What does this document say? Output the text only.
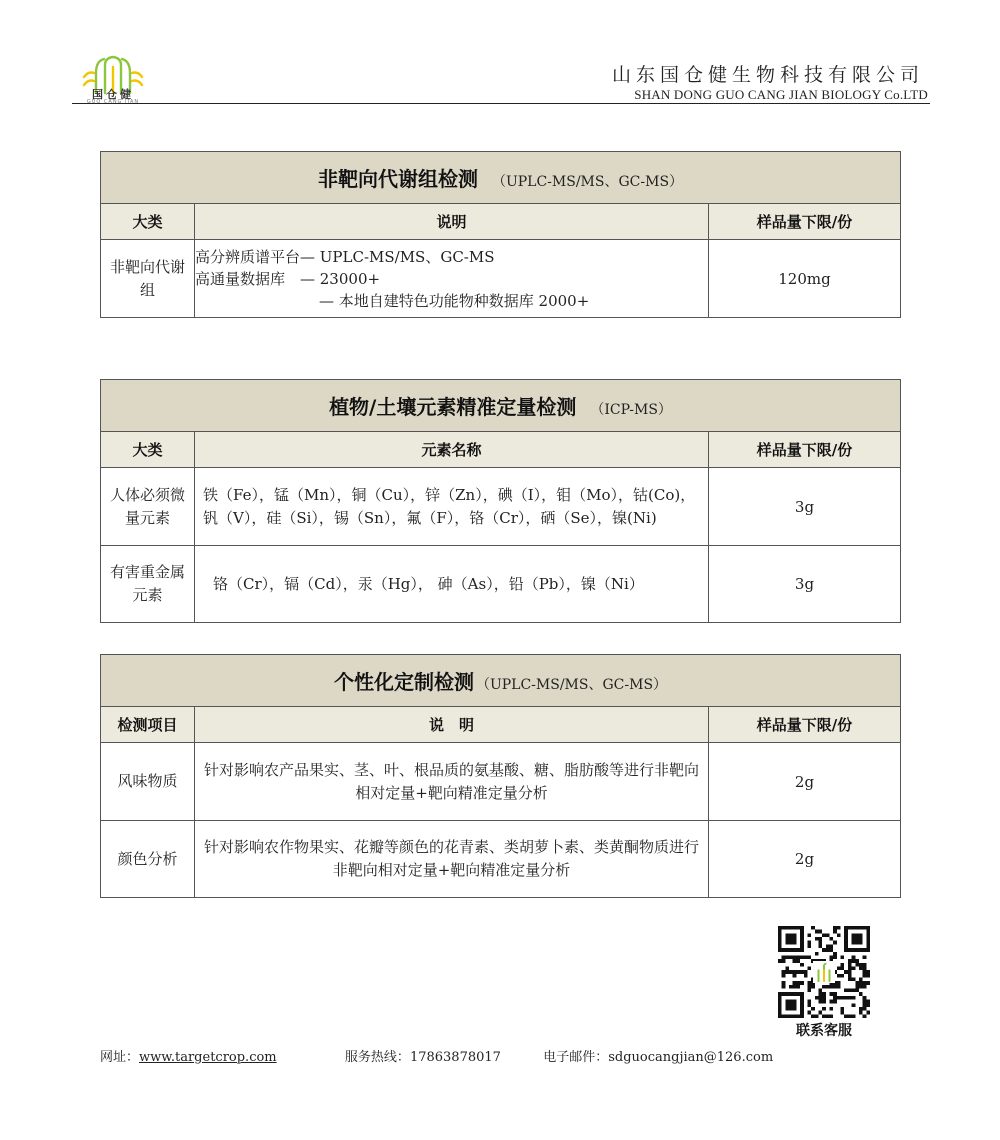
国仓健
GUO CANG JIAN
山东国仓健生物科技有限公司
SHAN DONG GUO CANG JIAN BIOLOGY Co.LTD
非靶向代谢组检测 （UPLC-MS/MS、GC-MS）		
大类	说明	样品量下限/份

非靶向代谢组	高分辨质谱平台— UPLC-MS/MS、GC-MS
高通量数据库　— 23000+
— 本地自建特色功能物种数据库 2000+	120mg
植物/土壤元素精准定量检测 （ICP-MS）		
大类	元素名称	样品量下限/份

人体必须微量元素	铁（Fe），锰（Mn），铜（Cu），锌（Zn），碘（I），钼（Mo），钴(Co)，钒（V），硅（Si），锡（Sn），氟（F），铬（Cr），硒（Se），镍(Ni)	3g

有害重金属元素	铬（Cr），镉（Cd），汞（Hg）， 砷（As），铅（Pb），镍（Ni）	3g
个性化定制检测 （UPLC-MS/MS、GC-MS）		
检测项目	说　明	样品量下限/份
风味物质	针对影响农产品果实、茎、叶、根品质的氨基酸、糖、脂肪酸等进行非靶向相对定量+靶向精准定量分析	2g
颜色分析	针对影响农作物果实、花瓣等颜色的花青素、类胡萝卜素、类黄酮物质进行非靶向相对定量+靶向精准定量分析	2g
联系客服
网址：www.targetcrop.com	服务热线：17863878017	电子邮件：sdguocangjian@126.com
